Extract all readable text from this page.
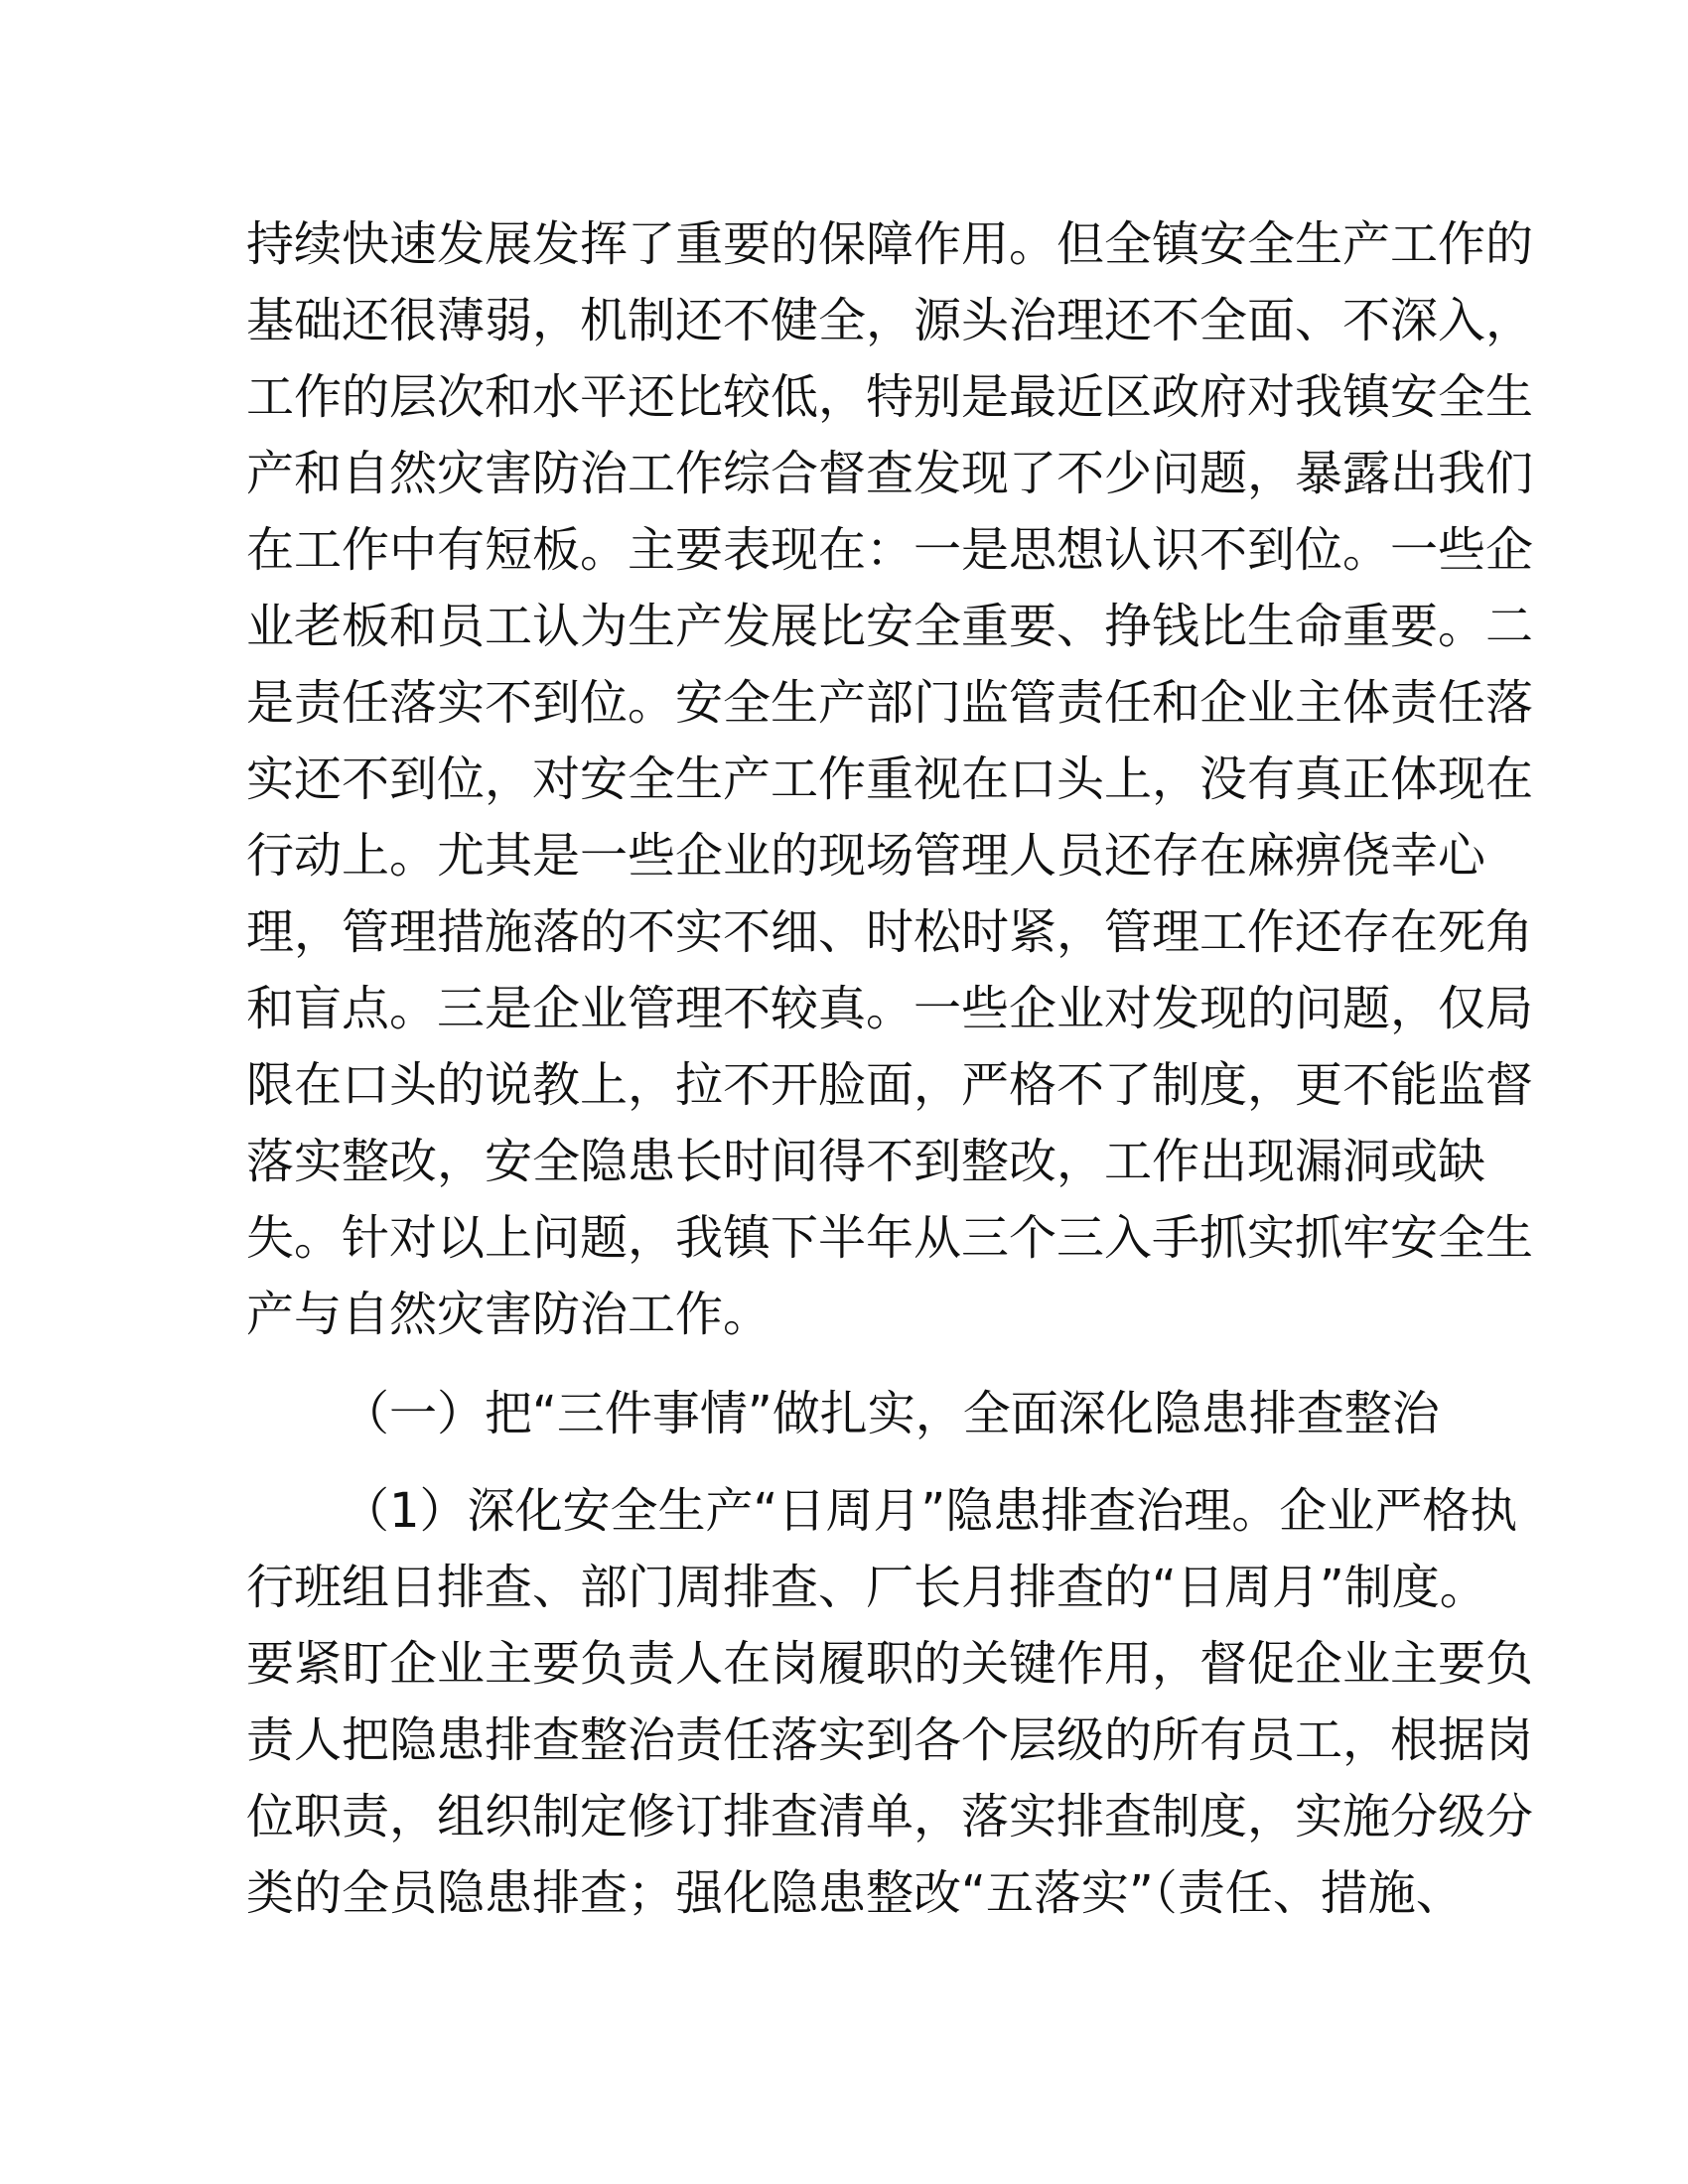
持续快速发展发挥了重要的保障作用。但全镇安全生产工作的
基础还很薄弱，机制还不健全，源头治理还不全面、不深入，
工作的层次和水平还比较低，特别是最近区政府对我镇安全生
产和自然灾害防治工作综合督查发现了不少问题，暴露出我们
在工作中有短板。主要表现在：一是思想认识不到位。一些企
业老板和员工认为生产发展比安全重要、挣钱比生命重要。二
是责任落实不到位。安全生产部门监管责任和企业主体责任落
实还不到位，对安全生产工作重视在口头上，没有真正体现在
行动上。尤其是一些企业的现场管理人员还存在麻痹侥幸心
理，管理措施落的不实不细、时松时紧，管理工作还存在死角
和盲点。三是企业管理不较真。一些企业对发现的问题，仅局
限在口头的说教上，拉不开脸面，严格不了制度，更不能监督
落实整改，安全隐患长时间得不到整改，工作出现漏洞或缺
失。针对以上问题，我镇下半年从三个三入手抓实抓牢安全生
产与自然灾害防治工作。
（一）把“三件事情”做扎实，全面深化隐患排查整治
（1）深化安全生产“日周月”隐患排查治理。企业严格执
行班组日排查、部门周排查、厂长月排查的“日周月”制度。
要紧盯企业主要负责人在岗履职的关键作用，督促企业主要负
责人把隐患排查整治责任落实到各个层级的所有员工，根据岗
位职责，组织制定修订排查清单，落实排查制度，实施分级分
类的全员隐患排查；强化隐患整改“五落实”（责任、措施、
